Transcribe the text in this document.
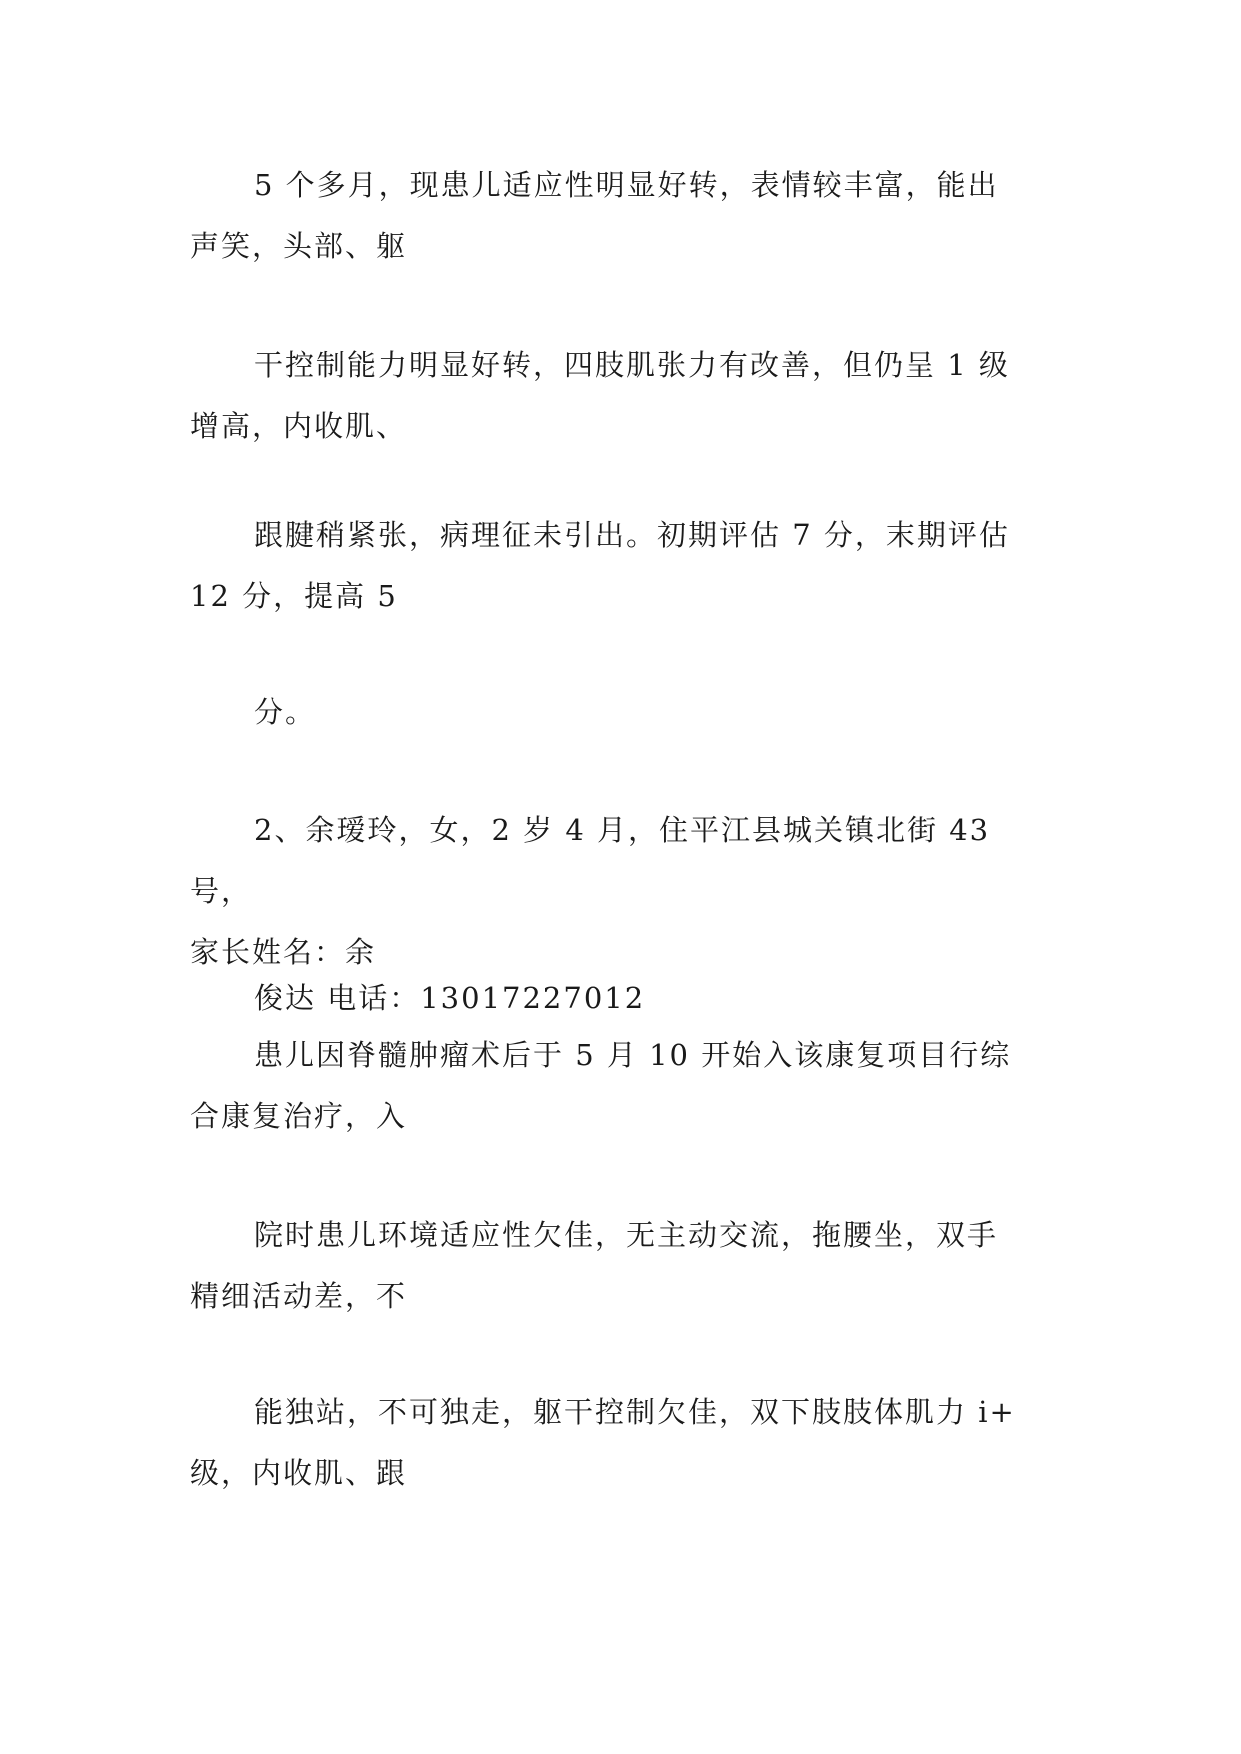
5 个多月，现患儿适应性明显好转，表情较丰富，能出
声笑，头部、躯
干控制能力明显好转，四肢肌张力有改善，但仍呈 1 级
增高，内收肌、
跟腱稍紧张，病理征未引出。初期评估 7 分，末期评估
12 分，提高 5
分。
2、余瑷玲，女，2 岁 4 月，住平江县城关镇北街 43 号，
家长姓名：余
俊达 电话：13017227012
患儿因脊髓肿瘤术后于 5 月 10 开始入该康复项目行综
合康复治疗，入
院时患儿环境适应性欠佳，无主动交流，拖腰坐，双手
精细活动差，不
能独站，不可独走，躯干控制欠佳，双下肢肢体肌力 i+
级，内收肌、跟
